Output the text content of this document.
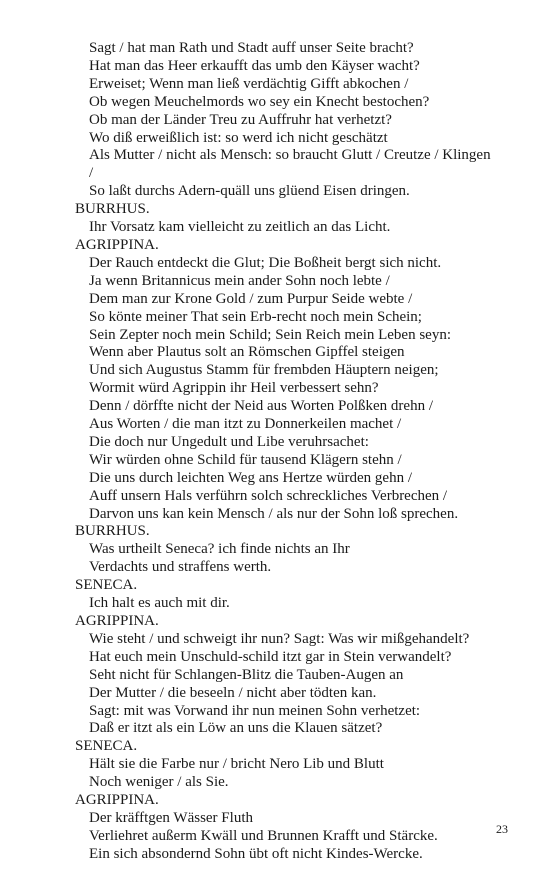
Sagt / hat man Rath und Stadt auff unser Seite bracht?
Hat man das Heer erkaufft das umb den Käyser wacht?
Erweiset; Wenn man ließ verdächtig Gifft abkochen /
Ob wegen Meuchelmords wo sey ein Knecht bestochen?
Ob man der Länder Treu zu Auffruhr hat verhetzt?
Wo diß erweißlich ist: so werd ich nicht geschätzt
Als Mutter / nicht als Mensch: so braucht Glutt / Creutze / Klingen
/
So laßt durchs Adern-quäll uns glüend Eisen dringen.
BURRHUS.
Ihr Vorsatz kam vielleicht zu zeitlich an das Licht.
AGRIPPINA.
Der Rauch entdeckt die Glut; Die Boßheit bergt sich nicht.
Ja wenn Britannicus mein ander Sohn noch lebte /
Dem man zur Krone Gold / zum Purpur Seide webte /
So könte meiner That sein Erb-recht noch mein Schein;
Sein Zepter noch mein Schild; Sein Reich mein Leben seyn:
Wenn aber Plautus solt an Römschen Gipffel steigen
Und sich Augustus Stamm für frembden Häuptern neigen;
Wormit würd Agrippin ihr Heil verbessert sehn?
Denn / dörffte nicht der Neid aus Worten Polßken drehn /
Aus Worten / die man itzt zu Donnerkeilen machet /
Die doch nur Ungedult und Libe veruhrsachet:
Wir würden ohne Schild für tausend Klägern stehn /
Die uns durch leichten Weg ans Hertze würden gehn /
Auff unsern Hals verführn solch schreckliches Verbrechen /
Darvon uns kan kein Mensch / als nur der Sohn loß sprechen.
BURRHUS.
Was urtheilt Seneca? ich finde nichts an Ihr
Verdachts und straffens werth.
SENECA.
Ich halt es auch mit dir.
AGRIPPINA.
Wie steht / und schweigt ihr nun? Sagt: Was wir mißgehandelt?
Hat euch mein Unschuld-schild itzt gar in Stein verwandelt?
Seht nicht für Schlangen-Blitz die Tauben-Augen an
Der Mutter / die beseeln / nicht aber tödten kan.
Sagt: mit was Vorwand ihr nun meinen Sohn verhetzet:
Daß er itzt als ein Löw an uns die Klauen sätzet?
SENECA.
Hält sie die Farbe nur / bricht Nero Lib und Blutt
Noch weniger / als Sie.
AGRIPPINA.
Der kräfftgen Wässer Fluth
Verliehret außerm Kwäll und Brunnen Krafft und Stärcke.
Ein sich absondernd Sohn übt oft nicht Kindes-Wercke.
23
